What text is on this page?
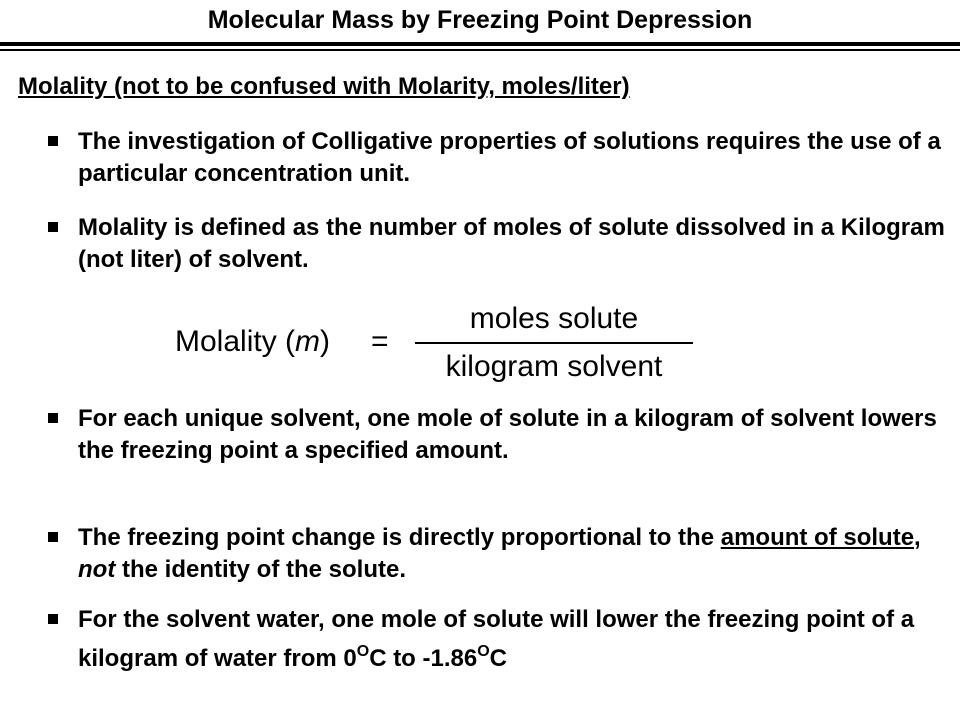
Molecular Mass by Freezing Point Depression
Molality (not to be confused with Molarity, moles/liter)
The investigation of Colligative properties of solutions requires the use of a particular concentration unit.
Molality is defined as the number of moles of solute dissolved in a Kilogram (not liter) of solvent.
Molality (m) =
moles solute
kilogram solvent
For each unique solvent, one mole of solute in a kilogram of solvent lowers the freezing point a specified amount.
The freezing point change is directly proportional to the amount of solute, not the identity of the solute.
For the solvent water, one mole of solute will lower the freezing point of a kilogram of water from $0^OC$ to $-1.86^OC$
